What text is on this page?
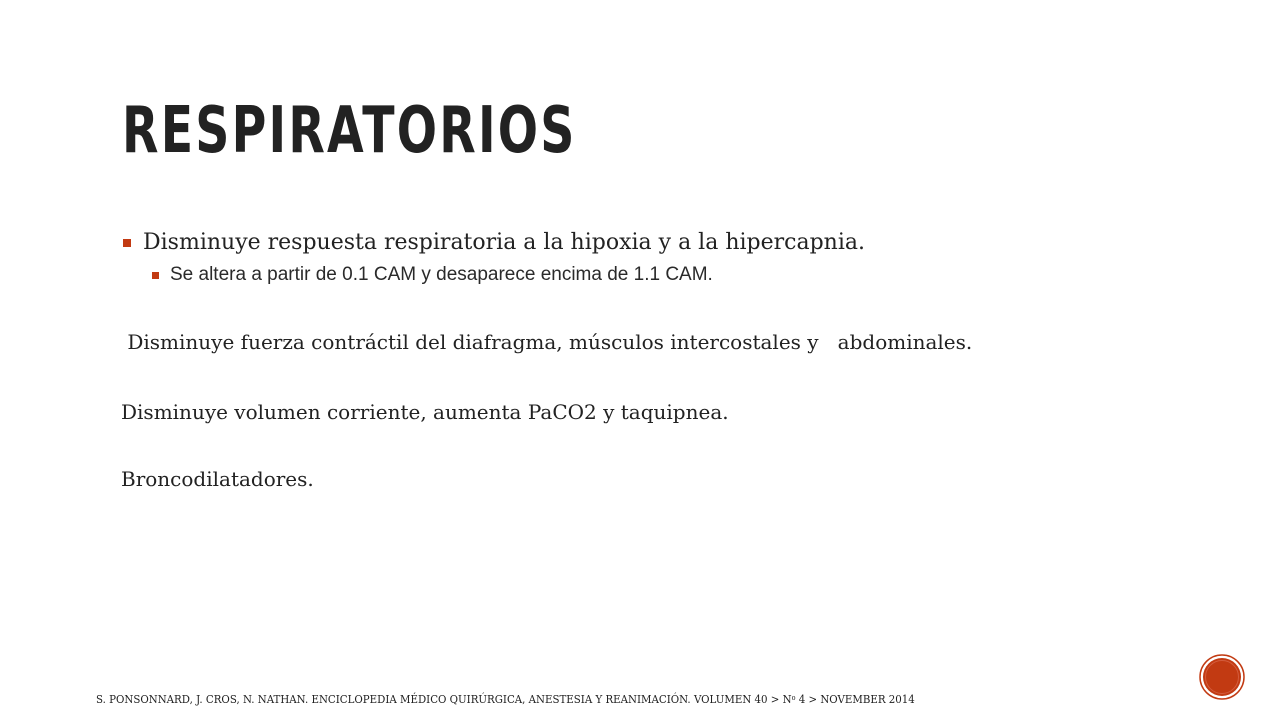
RESPIRATORIOS
Disminuye respuesta respiratoria a la hipoxia y a la hipercapnia.
Se altera a partir de 0.1 CAM y desaparece encima de 1.1 CAM.
Disminuye fuerza contráctil del diafragma, músculos intercostales y   abdominales.
Disminuye volumen corriente, aumenta PaCO2 y taquipnea.
Broncodilatadores.
S. PONSONNARD, J. CROS, N. NATHAN. ENCICLOPEDIA MÉDICO QUIRÚRGICA, ANESTESIA Y REANIMACIÓN. VOLUMEN $40 > N^o$ 4 > NOVEMBER 2014
